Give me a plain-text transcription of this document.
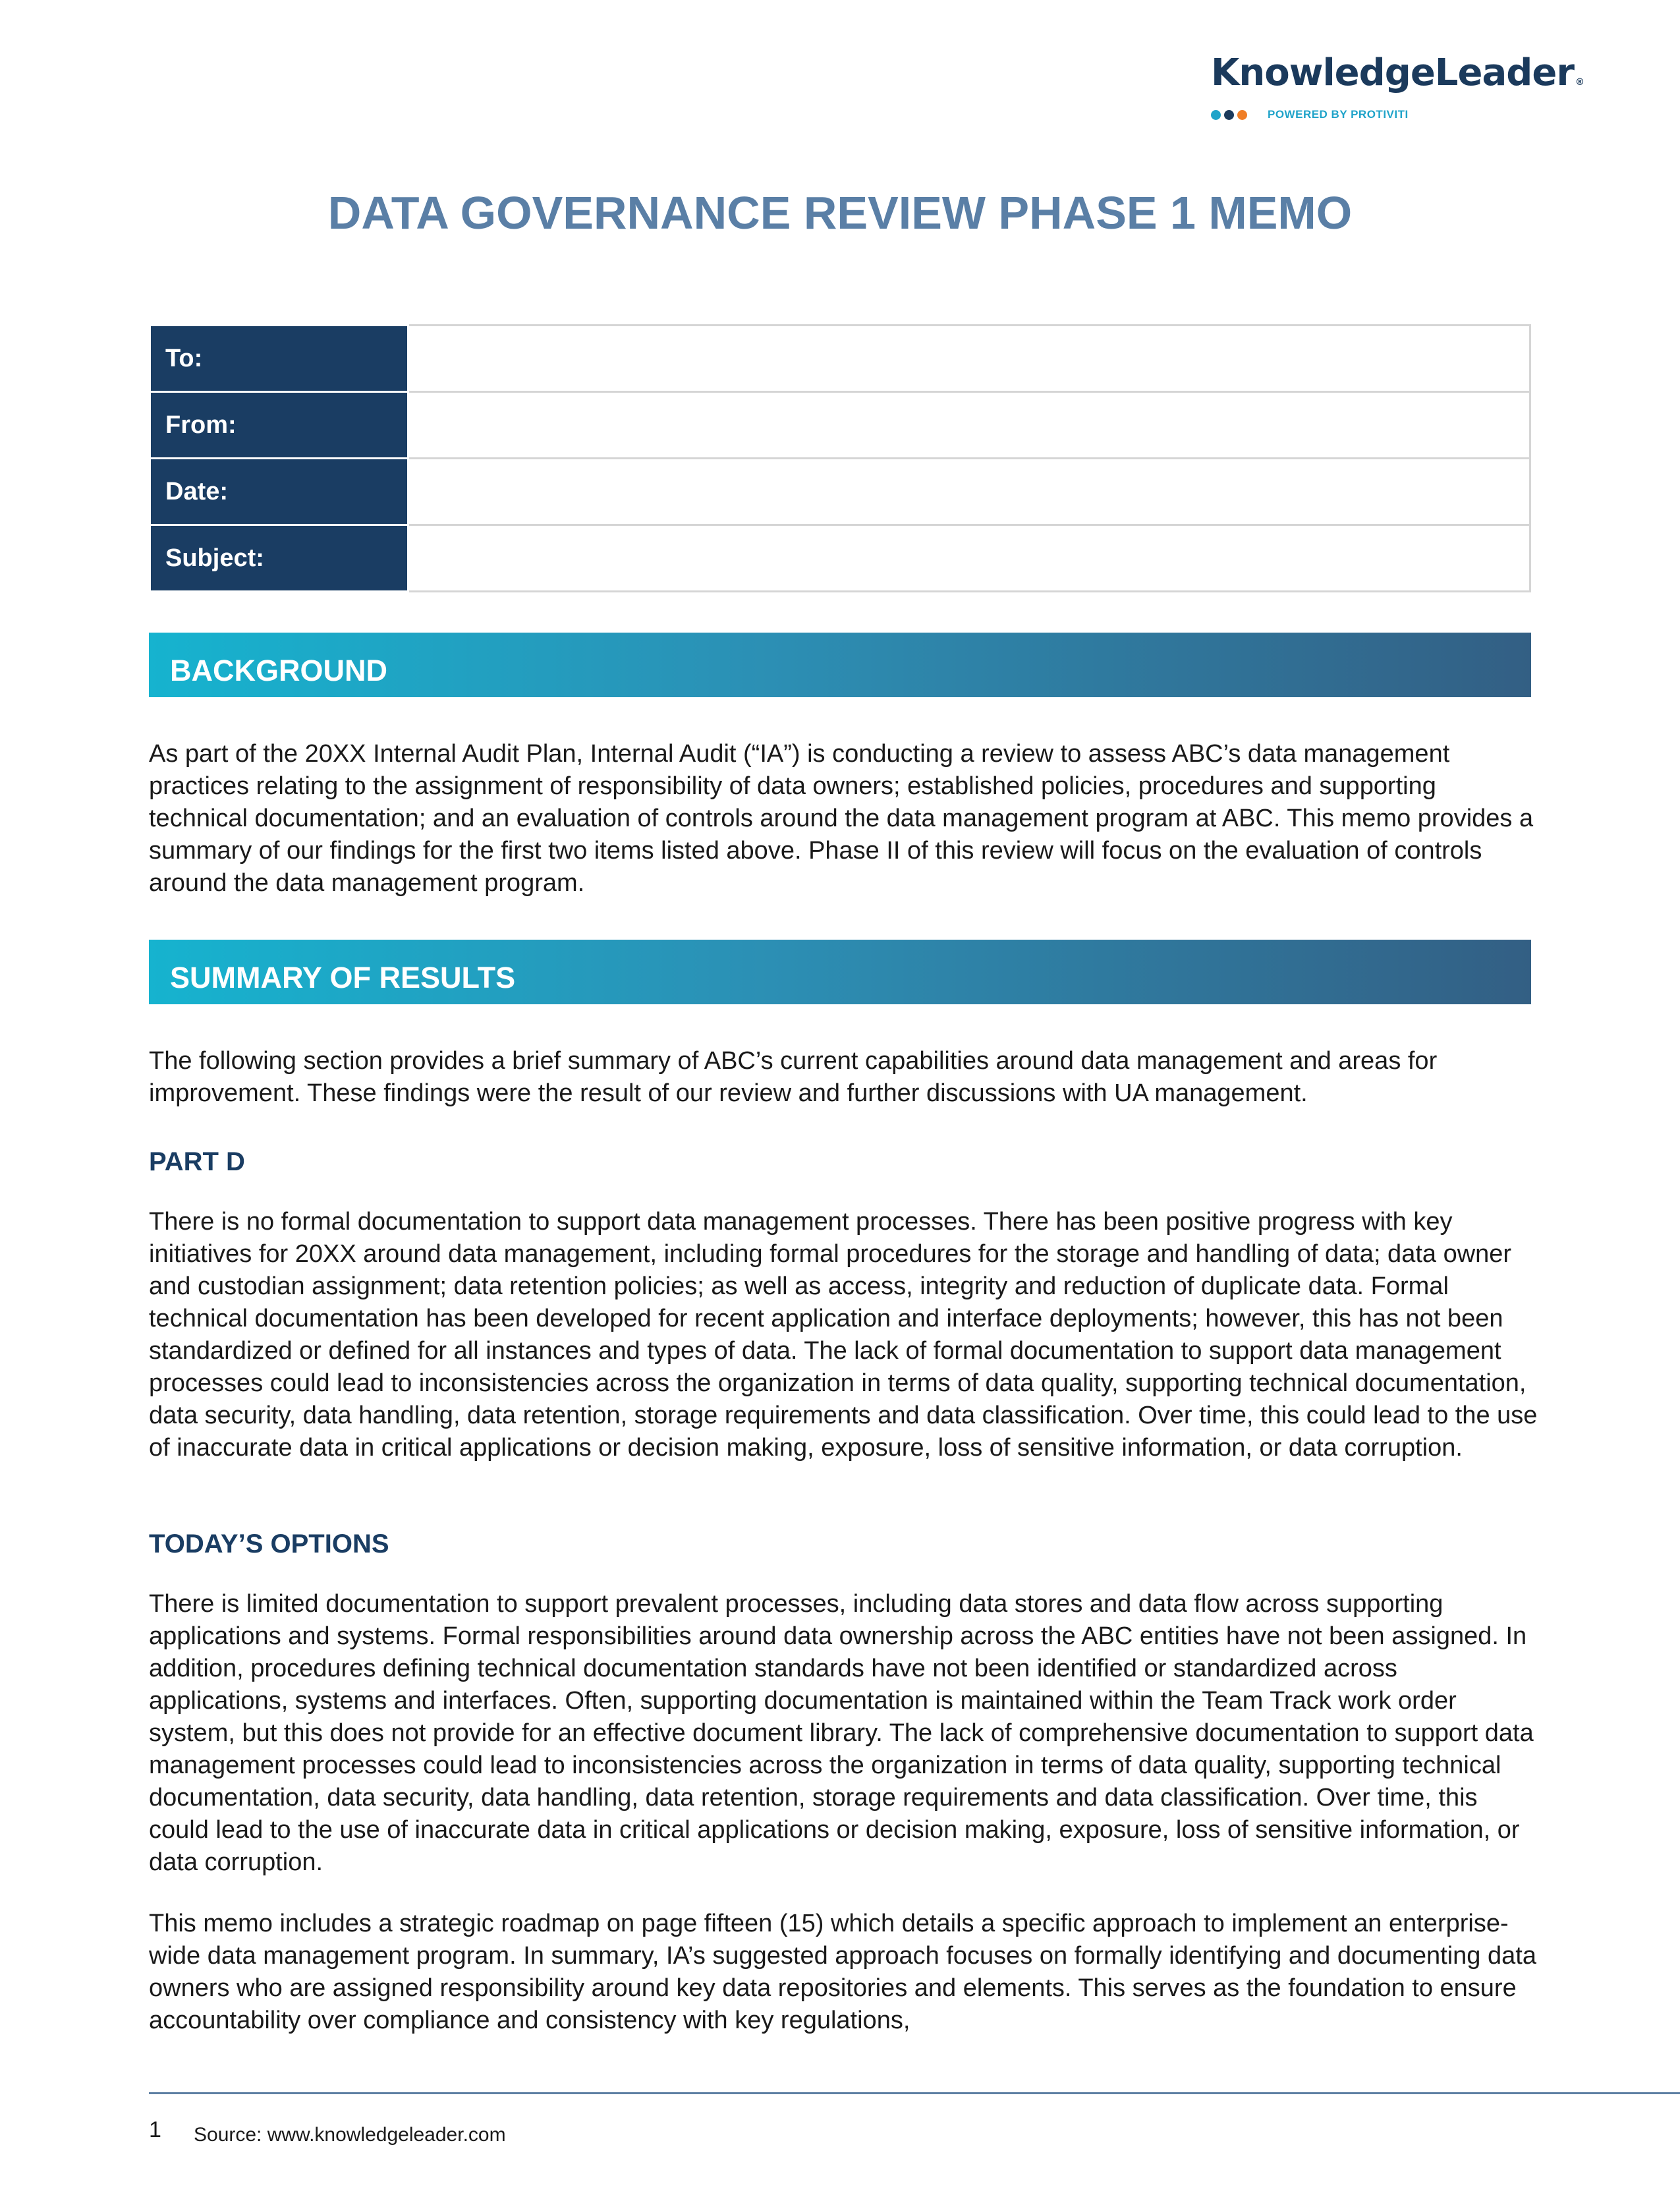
KnowledgeLeader ®
POWERED BY PROTIVITI
DATA GOVERNANCE REVIEW PHASE 1 MEMO
To:	
From:	
Date:	
Subject:	
BACKGROUND

As part of the 20XX Internal Audit Plan, Internal Audit (“IA”) is conducting a review to assess ABC’s data management practices relating to the assignment of responsibility of data owners; established policies, procedures and supporting technical documentation; and an evaluation of controls around the data management program at ABC. This memo provides a summary of our findings for the first two items listed above. Phase II of this review will focus on the evaluation of controls around the data management program.

SUMMARY OF RESULTS

The following section provides a brief summary of ABC’s current capabilities around data management and areas for improvement. These findings were the result of our review and further discussions with UA management.

PART D

There is no formal documentation to support data management processes. There has been positive progress with key initiatives for 20XX around data management, including formal procedures for the storage and handling of data; data owner and custodian assignment; data retention policies; as well as access, integrity and reduction of duplicate data. Formal technical documentation has been developed for recent application and interface deployments; however, this has not been standardized or defined for all instances and types of data. The lack of formal documentation to support data management processes could lead to inconsistencies across the organization in terms of data quality, supporting technical documentation, data security, data handling, data retention, storage requirements and data classification. Over time, this could lead to the use of inaccurate data in critical applications or decision making, exposure, loss of sensitive information, or data corruption.

TODAY’S OPTIONS

There is limited documentation to support prevalent processes, including data stores and data flow across supporting applications and systems. Formal responsibilities around data ownership across the ABC entities have not been assigned. In addition, procedures defining technical documentation standards have not been identified or standardized across applications, systems and interfaces. Often, supporting documentation is maintained within the Team Track work order system, but this does not provide for an effective document library. The lack of comprehensive documentation to support data management processes could lead to inconsistencies across the organization in terms of data quality, supporting technical documentation, data security, data handling, data retention, storage requirements and data classification. Over time, this could lead to the use of inaccurate data in critical applications or decision making, exposure, loss of sensitive information, or data corruption.

This memo includes a strategic roadmap on page fifteen (15) which details a specific approach to implement an enterprise-wide data management program. In summary, IA’s suggested approach focuses on formally identifying and documenting data owners who are assigned responsibility around key data repositories and elements. This serves as the foundation to ensure accountability over compliance and consistency with key regulations,

1 Source: www.knowledgeleader.com
